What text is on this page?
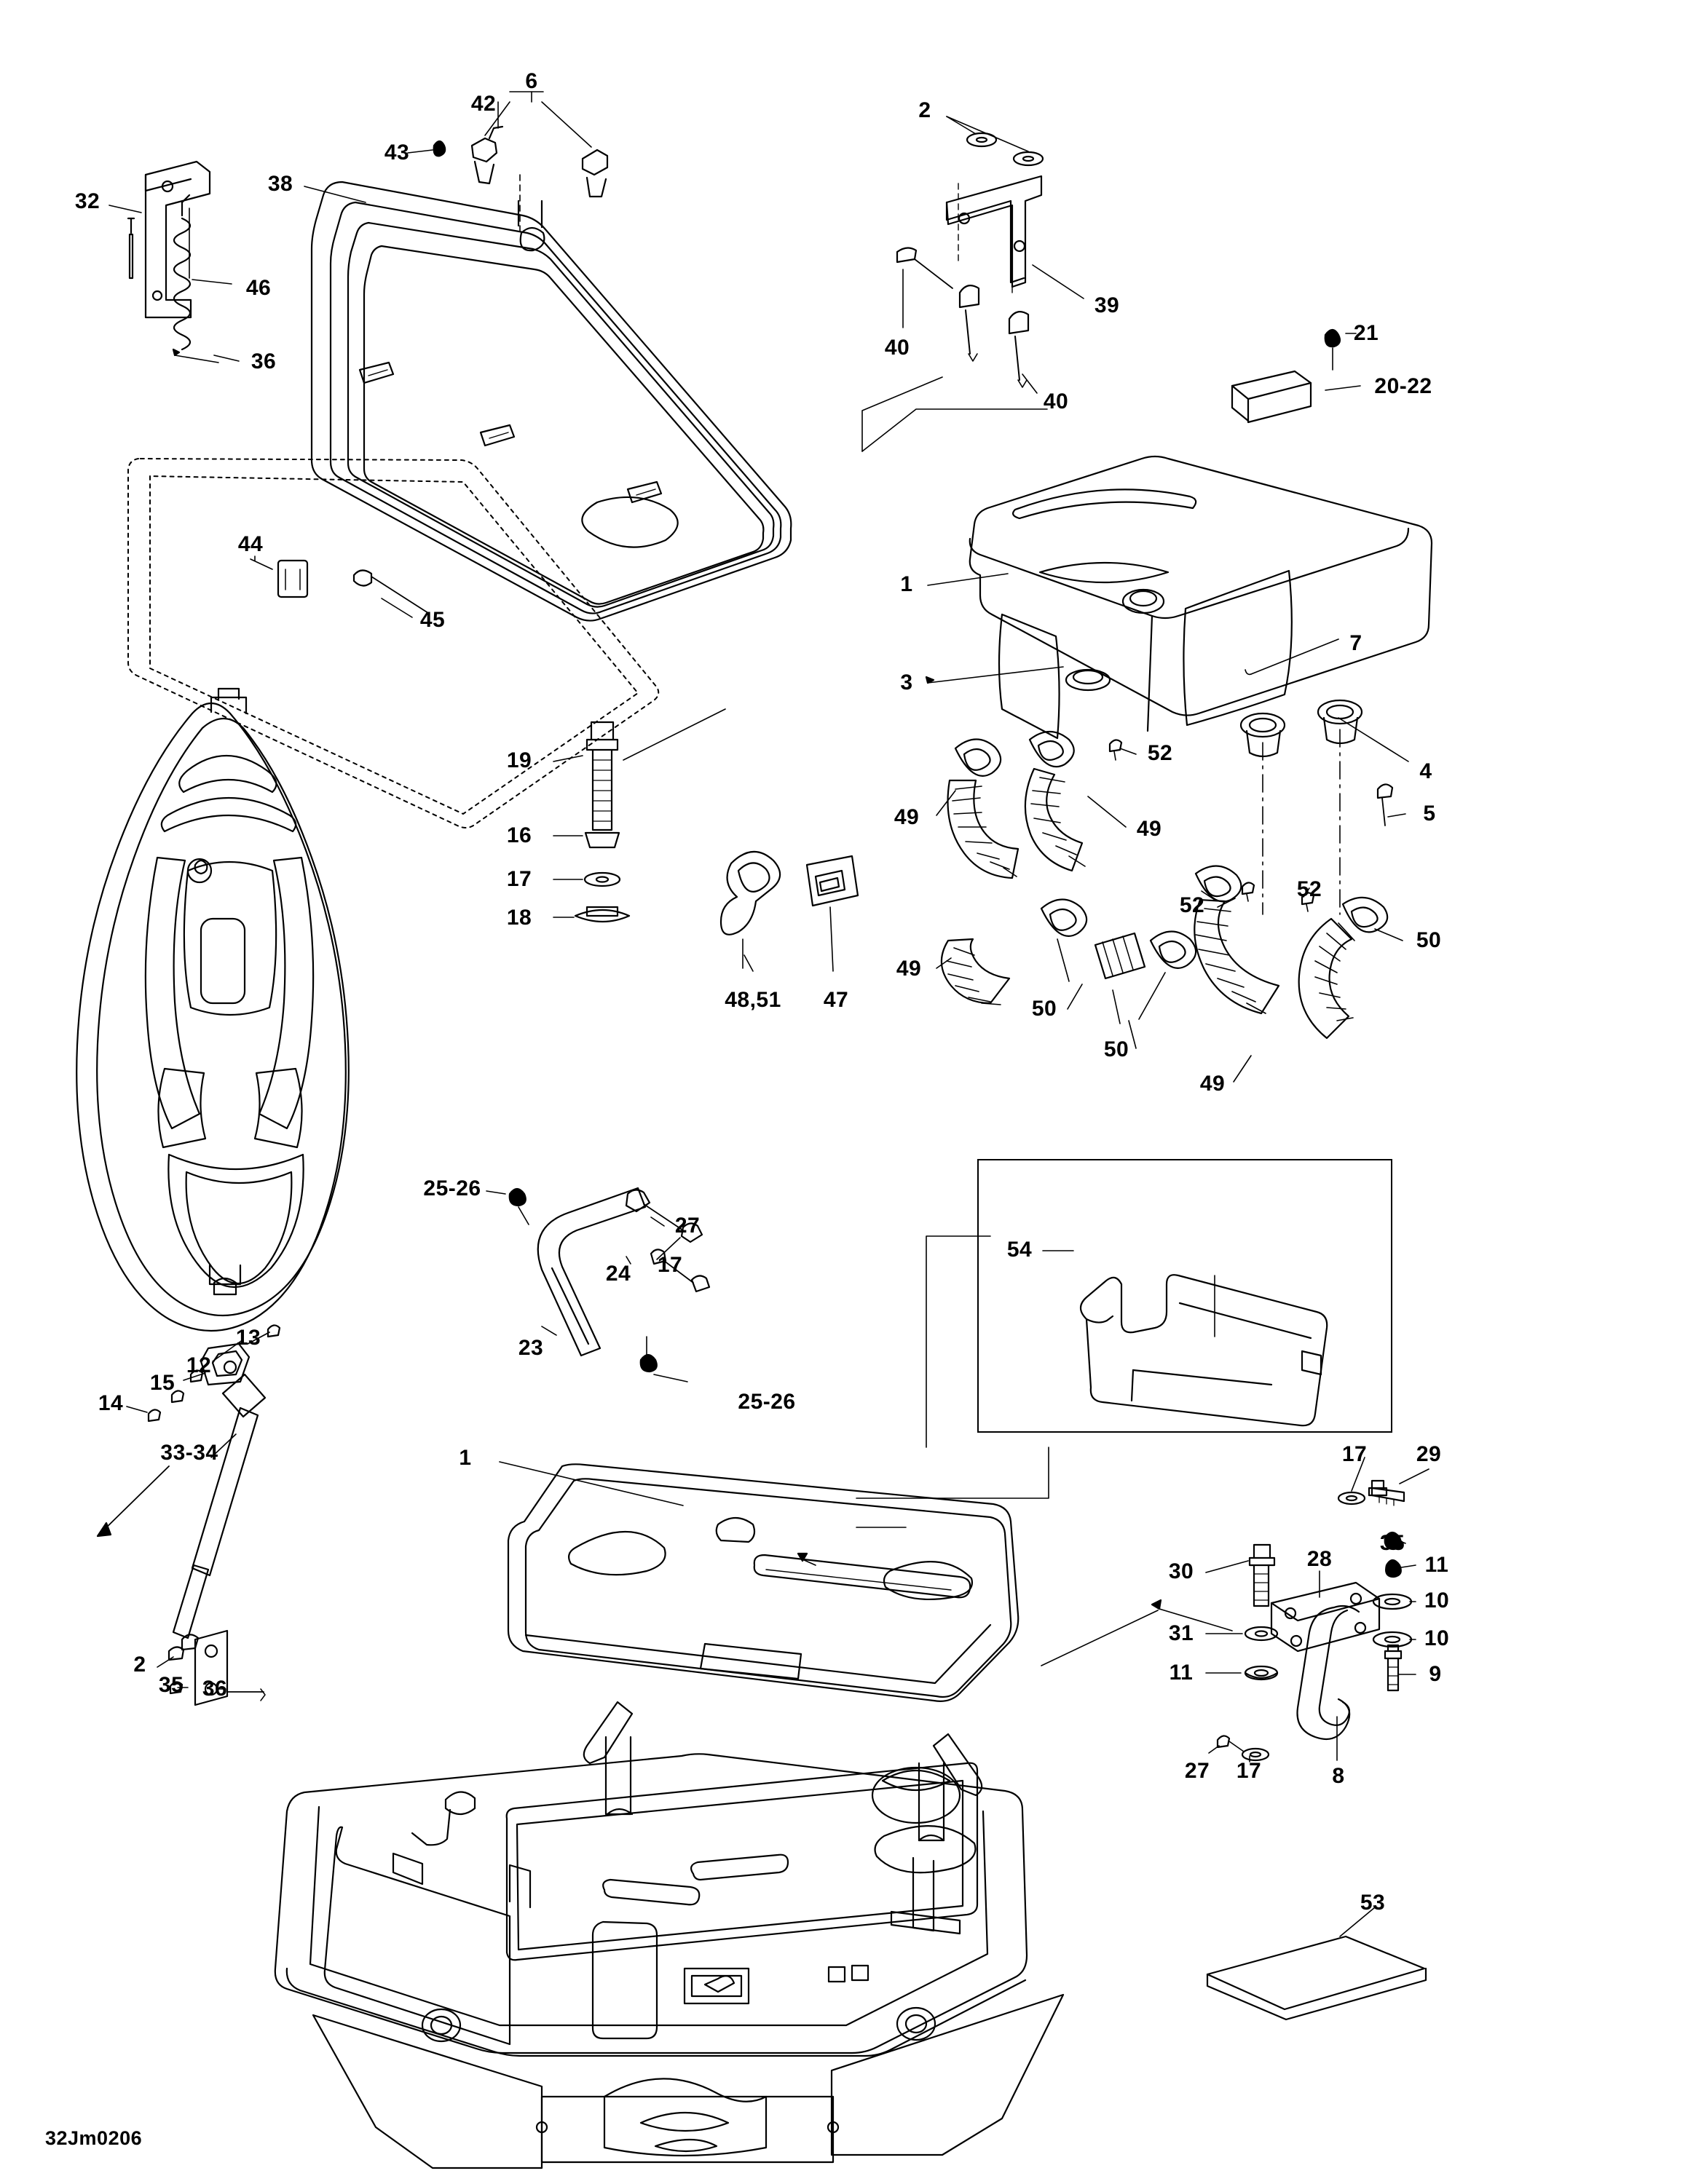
6
42
43
38
32
46
36
2
39
40
40
21
20-22
1
7
3
4
52
5
49	49
52
52
50
49
50
50
49
44
45
19
16
17
18
48,51 47
25-26
27
24 17
23
25-26
54
13
12
15
14
33-34
2
35 36
1	17 29
35
28
30	11
10
10
9
31
11
27 17	8
53
32Jm0206
